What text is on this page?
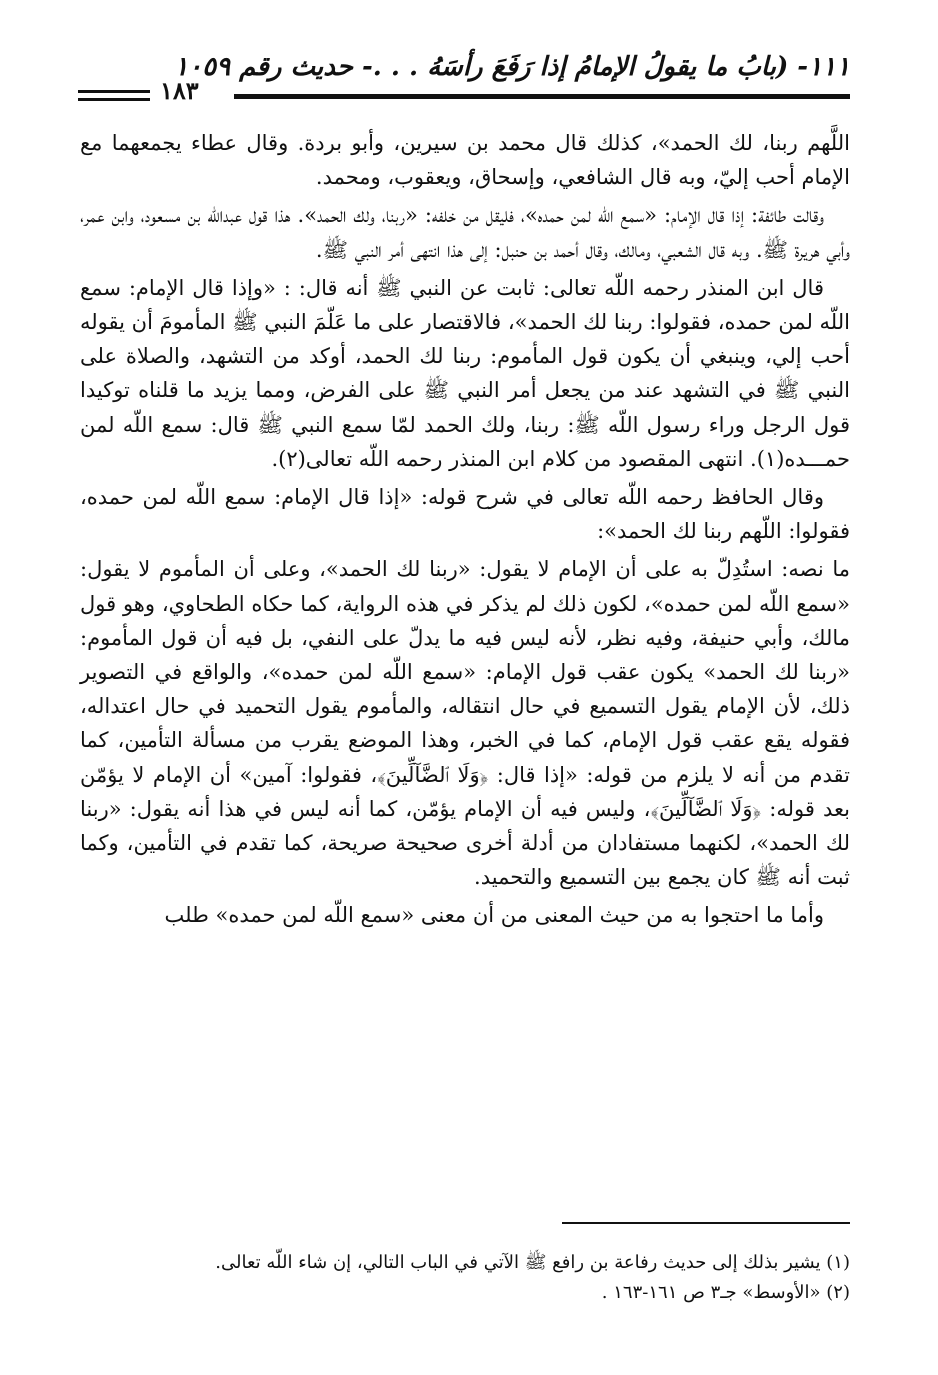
١١١- (بابُ ما يقولُ الإمامُ إذا رَفَعَ رأسَهُ . . .- حديث رقم ١٠٥٩
١٨٣

اللَّهم ربنا، لك الحمد»، كذلك قال محمد بن سيرين، وأبو بردة. وقال عطاء يجمعهما مع الإمام أحب إليّ، وبه قال الشافعي، وإسحاق، ويعقوب، ومحمد.

وقالت طائفة: إذا قال الإمام: «سمع اللّه لمن حمده»، فليقل من خلفه: «ربنا، ولك الحمد». هذا قول عبداللّه بن مسعود، وابن عمر، وأبي هريرة ﷺ. وبه قال الشعبي، ومالك، وقال أحمد بن حنبل: إلى هذا انتهى أمر النبي ﷺ.

قال ابن المنذر رحمه اللّه تعالى: ثابت عن النبي ﷺ أنه قال: : «وإذا قال الإمام: سمع اللّه لمن حمده، فقولوا: ربنا لك الحمد»، فالاقتصار على ما عَلّمَ النبي ﷺ المأمومَ أن يقوله أحب إلي، وينبغي أن يكون قول المأموم: ربنا لك الحمد، أوكد من التشهد، والصلاة على النبي ﷺ في التشهد عند من يجعل أمر النبي ﷺ على الفرض، ومما يزيد ما قلناه توكيدا قول الرجل وراء رسول اللّه ﷺ: ربنا، ولك الحمد لمّا سمع النبي ﷺ قال: سمع اللّه لمن حمـــده(١). انتهى المقصود من كلام ابن المنذر رحمه اللّه تعالى(٢).

وقال الحافظ رحمه اللّه تعالى في شرح قوله: «إذا قال الإمام: سمع اللّه لمن حمده، فقولوا: اللّهم ربنا لك الحمد»:

ما نصه: استُدِلّ به على أن الإمام لا يقول: «ربنا لك الحمد»، وعلى أن المأموم لا يقول: «سمع اللّه لمن حمده»، لكون ذلك لم يذكر في هذه الرواية، كما حكاه الطحاوي، وهو قول مالك، وأبي حنيفة، وفيه نظر، لأنه ليس فيه ما يدلّ على النفي، بل فيه أن قول المأموم: «ربنا لك الحمد» يكون عقب قول الإمام: «سمع اللّه لمن حمده»، والواقع في التصوير ذلك، لأن الإمام يقول التسميع في حال انتقاله، والمأموم يقول التحميد في حال اعتداله، فقوله يقع عقب قول الإمام، كما في الخبر، وهذا الموضع يقرب من مسألة التأمين، كما تقدم من أنه لا يلزم من قوله: «إذا قال: ﴿وَلَا ٱلضَّآلِّينَ﴾، فقولوا: آمين» أن الإمام لا يؤمّن بعد قوله: ﴿وَلَا ٱلضَّآلِّينَ﴾، وليس فيه أن الإمام يؤمّن، كما أنه ليس في هذا أنه يقول: «ربنا لك الحمد»، لكنهما مستفادان من أدلة أخرى صحيحة صريحة، كما تقدم في التأمين، وكما ثبت أنه ﷺ كان يجمع بين التسميع والتحميد.

وأما ما احتجوا به من حيث المعنى من أن معنى «سمع اللّه لمن حمده» طلب

(١) يشير بذلك إلى حديث رفاعة بن رافع ﷺ الآتي في الباب التالي، إن شاء اللّه تعالى.

(٢) «الأوسط» جـ٣ ص ١٦١-١٦٣ .
